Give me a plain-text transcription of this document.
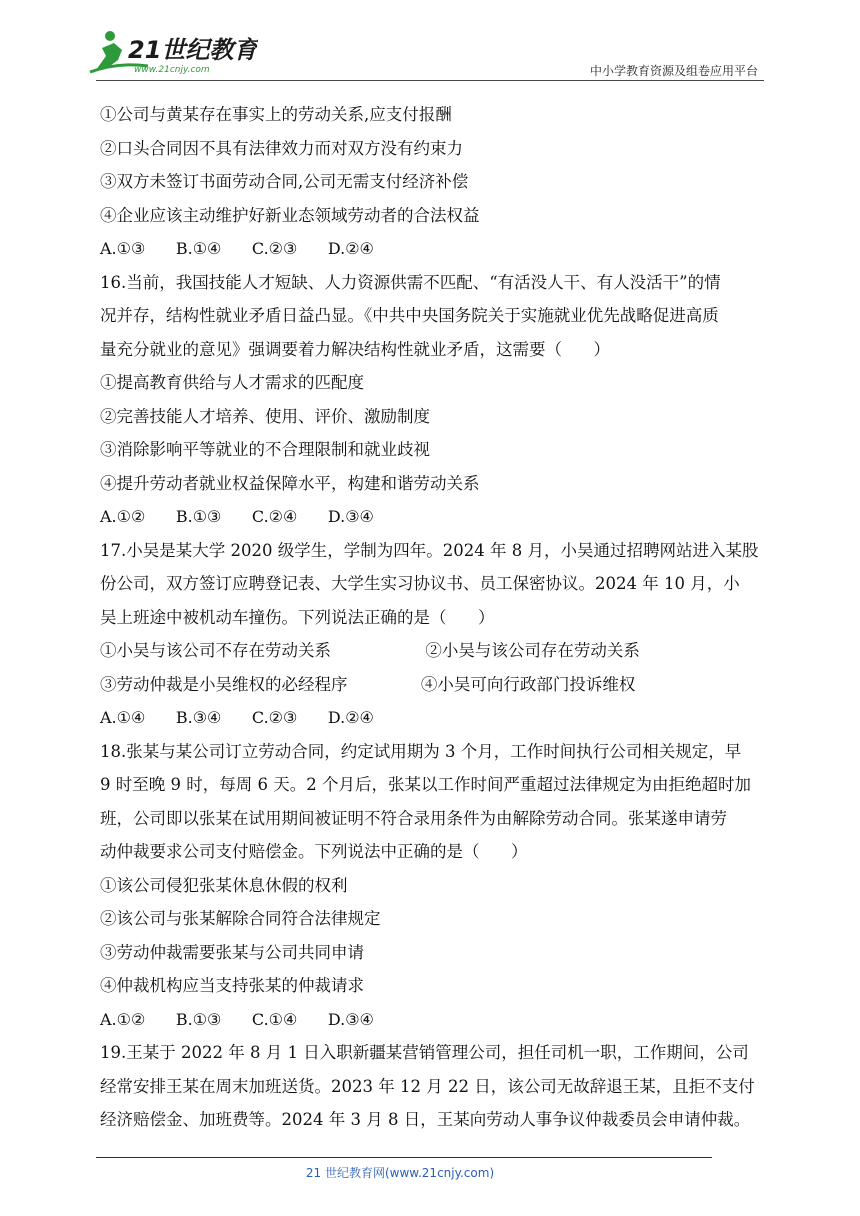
21世纪教育
www.21cnjy.com	中小学教育资源及组卷应用平台
①公司与黄某存在事实上的劳动关系,应支付报酬
②口头合同因不具有法律效力而对双方没有约束力
③双方未签订书面劳动合同,公司无需支付经济补偿
④企业应该主动维护好新业态领域劳动者的合法权益
A.①③      B.①④      C.②③      D.②④
16.当前，我国技能人才短缺、人力资源供需不匹配、“有活没人干、有人没活干”的情
况并存，结构性就业矛盾日益凸显。《中共中央国务院关于实施就业优先战略促进高质
量充分就业的意见》强调要着力解决结构性就业矛盾，这需要（      ）
①提高教育供给与人才需求的匹配度
②完善技能人才培养、使用、评价、激励制度
③消除影响平等就业的不合理限制和就业歧视
④提升劳动者就业权益保障水平，构建和谐劳动关系
A.①②      B.①③      C.②④      D.③④
17.小吴是某大学 2020 级学生，学制为四年。2024 年 8 月，小吴通过招聘网站进入某股
份公司，双方签订应聘登记表、大学生实习协议书、员工保密协议。2024 年 10 月，小
吴上班途中被机动车撞伤。下列说法正确的是（      ）
①小吴与该公司不存在劳动关系                  ②小吴与该公司存在劳动关系
③劳动仲裁是小吴维权的必经程序              ④小吴可向行政部门投诉维权
A.①④      B.③④      C.②③      D.②④
18.张某与某公司订立劳动合同，约定试用期为 3 个月，工作时间执行公司相关规定，早
9 时至晚 9 时，每周 6 天。2 个月后，张某以工作时间严重超过法律规定为由拒绝超时加
班，公司即以张某在试用期间被证明不符合录用条件为由解除劳动合同。张某遂申请劳
动仲裁要求公司支付赔偿金。下列说法中正确的是（      ）
①该公司侵犯张某休息休假的权利
②该公司与张某解除合同符合法律规定
③劳动仲裁需要张某与公司共同申请
④仲裁机构应当支持张某的仲裁请求
A.①②      B.①③      C.①④      D.③④
19.王某于 2022 年 8 月 1 日入职新疆某营销管理公司，担任司机一职，工作期间，公司
经常安排王某在周末加班送货。2023 年 12 月 22 日，该公司无故辞退王某，且拒不支付
经济赔偿金、加班费等。2024 年 3 月 8 日，王某向劳动人事争议仲裁委员会申请仲裁。
21 世纪教育网(www.21cnjy.com)
